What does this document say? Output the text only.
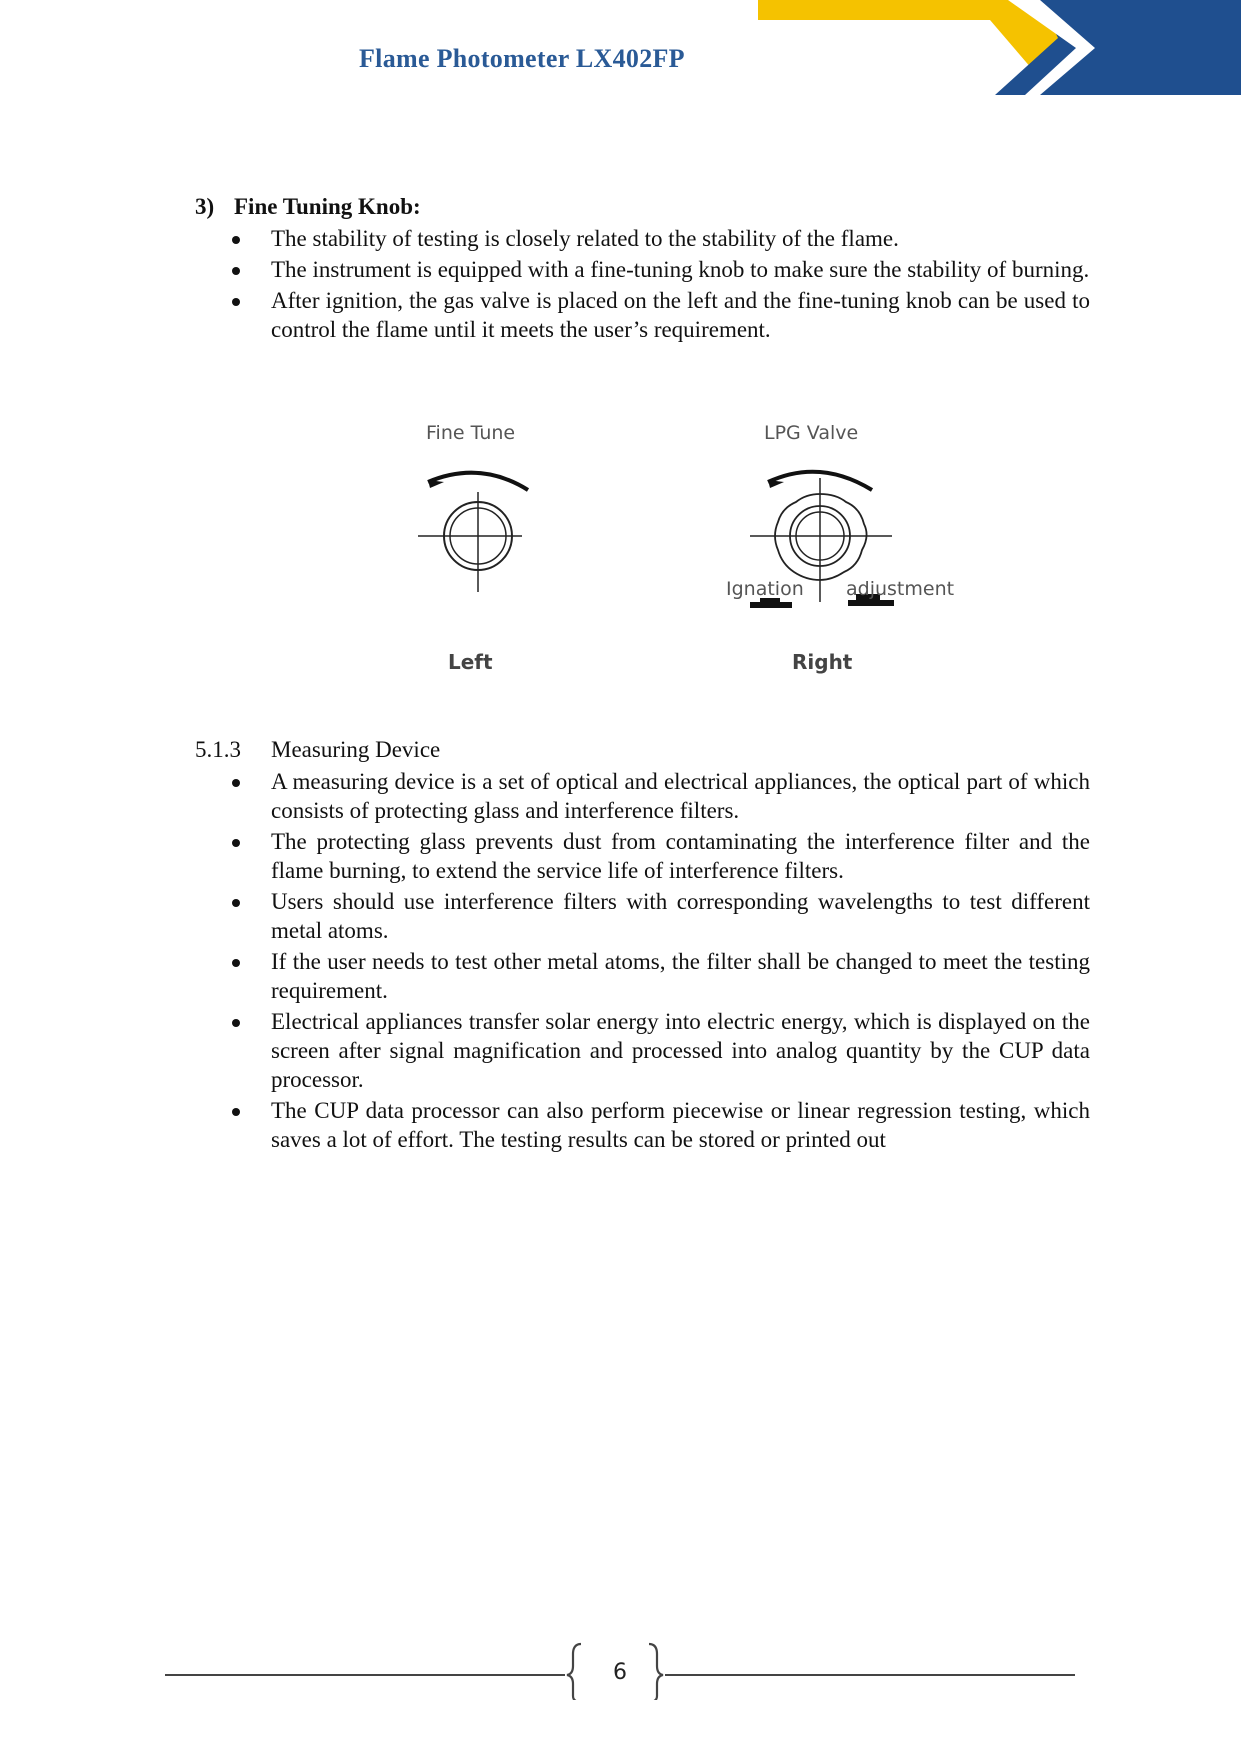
Flame Photometer LX402FP
3) Fine Tuning Knob:
The stability of testing is closely related to the stability of the flame.
The instrument is equipped with a fine-tuning knob to make sure the stability of burning.
After ignition, the gas valve is placed on the left and the fine-tuning knob can be used to control the flame until it meets the user’s requirement.
5.1.3 Measuring Device
A measuring device is a set of optical and electrical appliances, the optical part of which consists of protecting glass and interference filters.
The protecting glass prevents dust from contaminating the interference filter and the flame burning, to extend the service life of interference filters.
Users should use interference filters with corresponding wavelengths to test different metal atoms.
If the user needs to test other metal atoms, the filter shall be changed to meet the testing requirement.
Electrical appliances transfer solar energy into electric energy, which is displayed on the screen after signal magnification and processed into analog quantity by the CUP data processor.
The CUP data processor can also perform piecewise or linear regression testing, which saves a lot of effort. The testing results can be stored or printed out
Fine Tune	LPG Valve
Ignation adjustment
Left	Right
6
